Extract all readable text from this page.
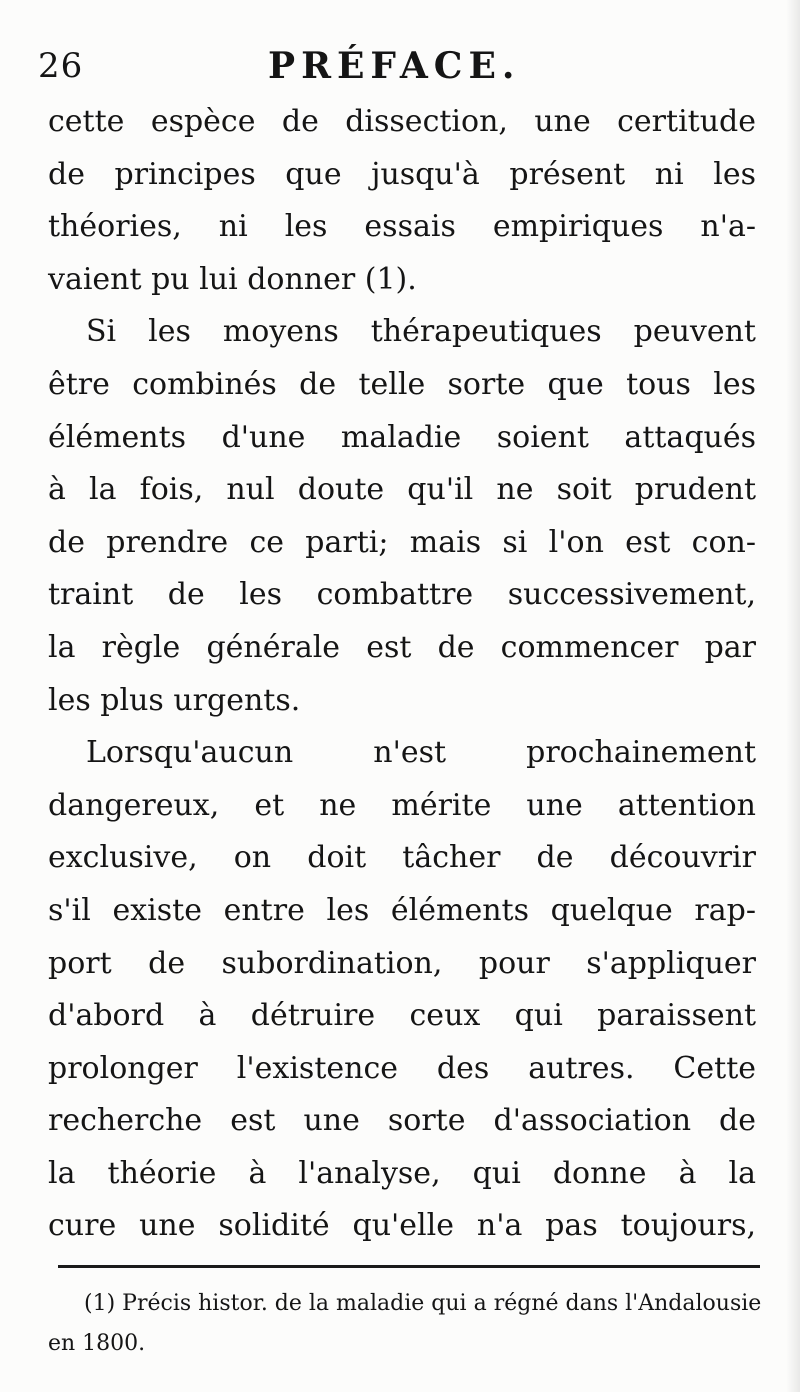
26	PRÉFACE.
cette espèce de dissection, une certitude
de principes que jusqu'à présent ni les
théories, ni les essais empiriques n'a-
vaient pu lui donner (1).
Si les moyens thérapeutiques peuvent
être combinés de telle sorte que tous les
éléments d'une maladie soient attaqués
à la fois, nul doute qu'il ne soit prudent
de prendre ce parti; mais si l'on est con-
traint de les combattre successivement,
la règle générale est de commencer par
les plus urgents.
Lorsqu'aucun n'est prochainement
dangereux, et ne mérite une attention
exclusive, on doit tâcher de découvrir
s'il existe entre les éléments quelque rap-
port de subordination, pour s'appliquer
d'abord à détruire ceux qui paraissent
prolonger l'existence des autres. Cette
recherche est une sorte d'association de
la théorie à l'analyse, qui donne à la
cure une solidité qu'elle n'a pas toujours,
(1) Précis histor. de la maladie qui a régné dans l'Andalousie
en 1800.
